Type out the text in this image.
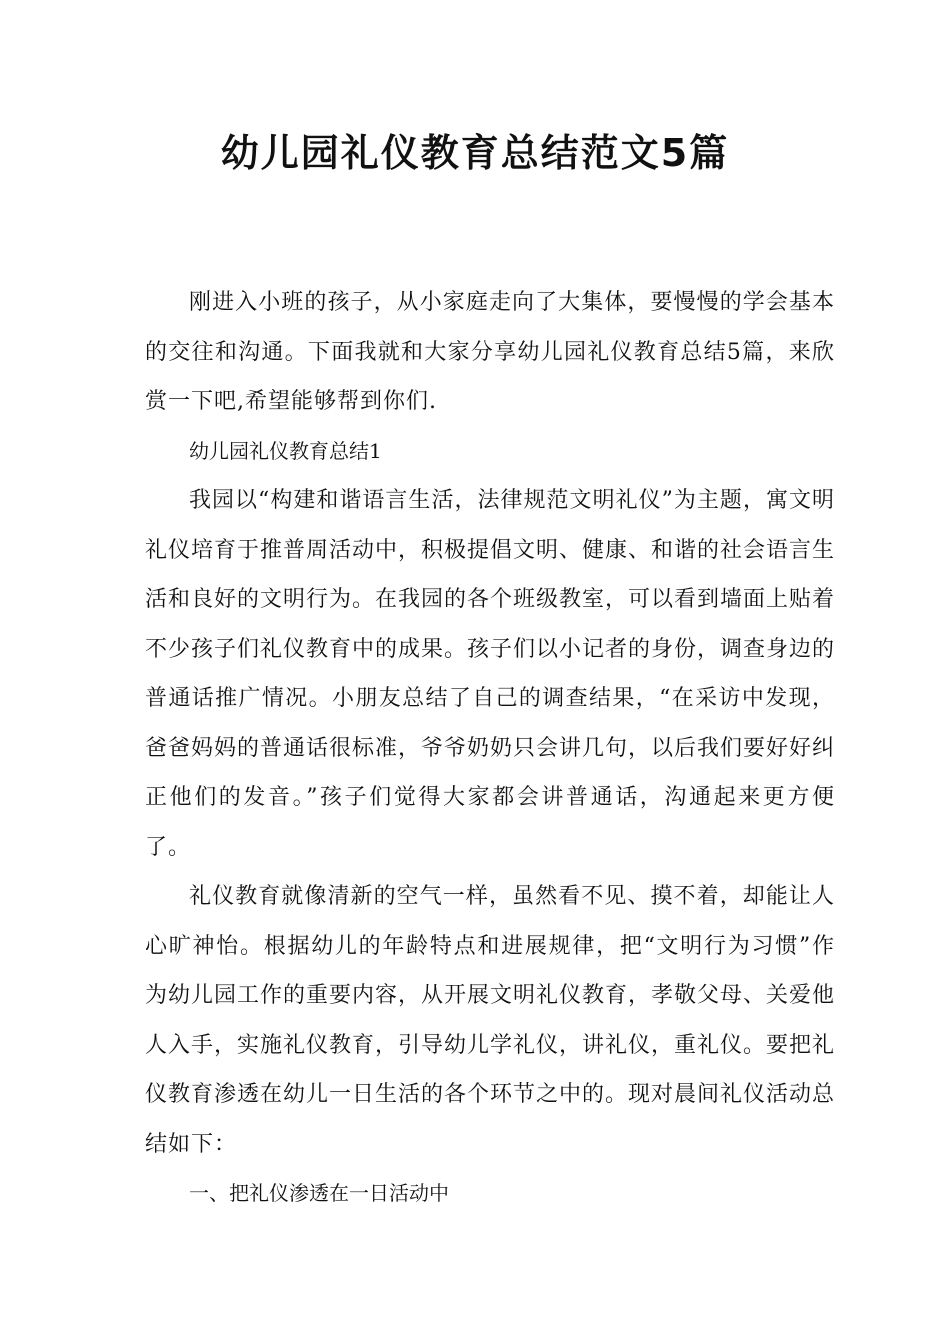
幼儿园礼仪教育总结范文5篇

刚进入小班的孩子，从小家庭走向了大集体，要慢慢的学会基本的交往和沟通。下面我就和大家分享幼儿园礼仪教育总结5篇，来欣赏一下吧,希望能够帮到你们.

幼儿园礼仪教育总结1

我园以“构建和谐语言生活，法律规范文明礼仪”为主题，寓文明礼仪培育于推普周活动中，积极提倡文明、健康、和谐的社会语言生活和良好的文明行为。在我园的各个班级教室，可以看到墙面上贴着不少孩子们礼仪教育中的成果。孩子们以小记者的身份，调查身边的普通话推广情况。小朋友总结了自己的调查结果，“在采访中发现，爸爸妈妈的普通话很标准，爷爷奶奶只会讲几句，以后我们要好好纠正他们的发音。”孩子们觉得大家都会讲普通话，沟通起来更方便了。

礼仪教育就像清新的空气一样，虽然看不见、摸不着，却能让人心旷神怡。根据幼儿的年龄特点和进展规律，把“文明行为习惯”作为幼儿园工作的重要内容，从开展文明礼仪教育，孝敬父母、关爱他人入手，实施礼仪教育，引导幼儿学礼仪，讲礼仪，重礼仪。要把礼仪教育渗透在幼儿一日生活的各个环节之中的。现对晨间礼仪活动总结如下：

一、把礼仪渗透在一日活动中
